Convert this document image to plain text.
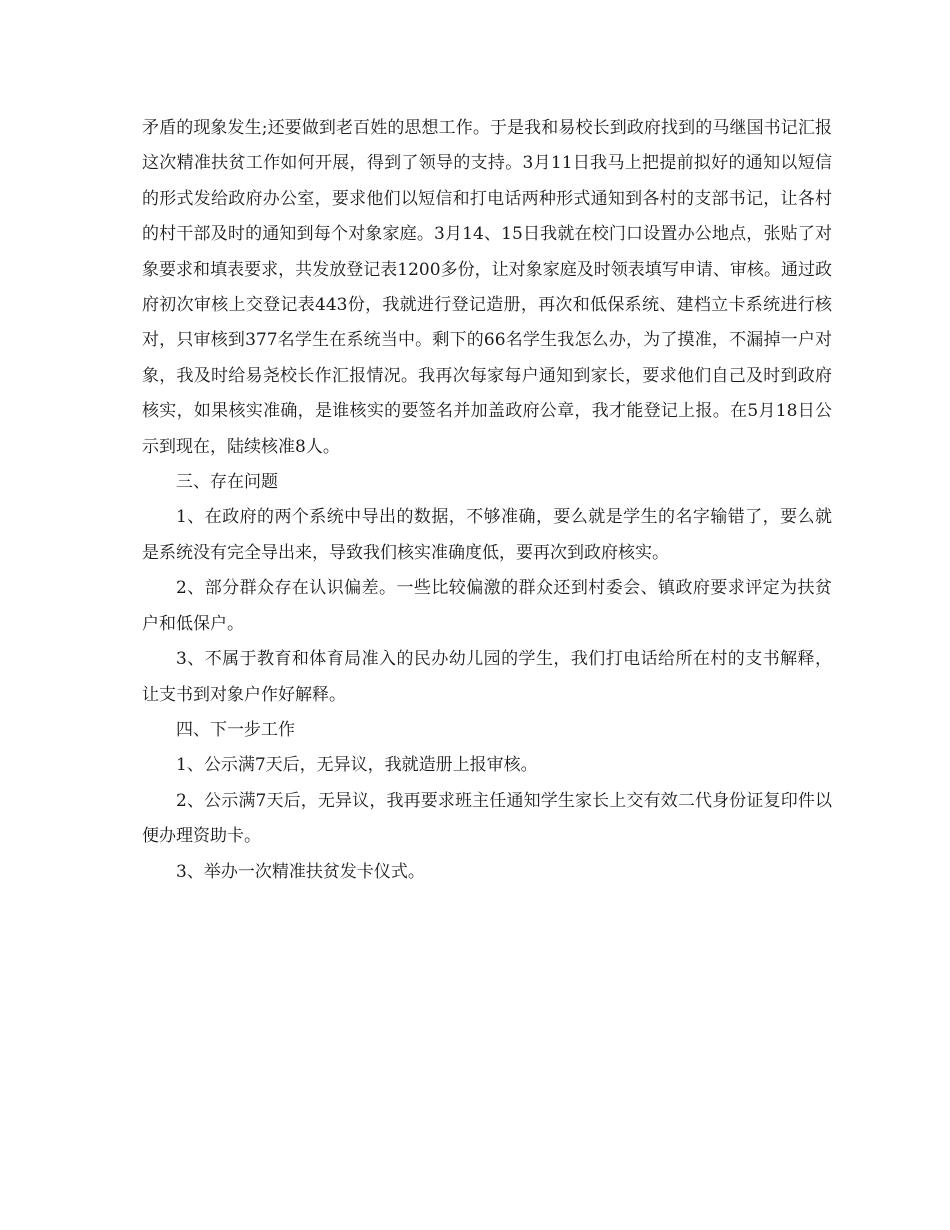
矛盾的现象发生;还要做到老百姓的思想工作。于是我和易校长到政府找到的马继国书记汇报这次精准扶贫工作如何开展，得到了领导的支持。3月11日我马上把提前拟好的通知以短信的形式发给政府办公室，要求他们以短信和打电话两种形式通知到各村的支部书记，让各村的村干部及时的通知到每个对象家庭。3月14、15日我就在校门口设置办公地点，张贴了对象要求和填表要求，共发放登记表1200多份，让对象家庭及时领表填写申请、审核。通过政府初次审核上交登记表443份，我就进行登记造册，再次和低保系统、建档立卡系统进行核对，只审核到377名学生在系统当中。剩下的66名学生我怎么办，为了摸准，不漏掉一户对象，我及时给易尧校长作汇报情况。我再次每家每户通知到家长，要求他们自己及时到政府核实，如果核实准确，是谁核实的要签名并加盖政府公章，我才能登记上报。在5月18日公示到现在，陆续核准8人。

三、存在问题

1、在政府的两个系统中导出的数据，不够准确，要么就是学生的名字输错了，要么就是系统没有完全导出来，导致我们核实准确度低，要再次到政府核实。

2、部分群众存在认识偏差。一些比较偏激的群众还到村委会、镇政府要求评定为扶贫户和低保户。

3、不属于教育和体育局准入的民办幼儿园的学生，我们打电话给所在村的支书解释，让支书到对象户作好解释。

四、下一步工作

1、公示满7天后，无异议，我就造册上报审核。

2、公示满7天后，无异议，我再要求班主任通知学生家长上交有效二代身份证复印件以便办理资助卡。

3、举办一次精准扶贫发卡仪式。
